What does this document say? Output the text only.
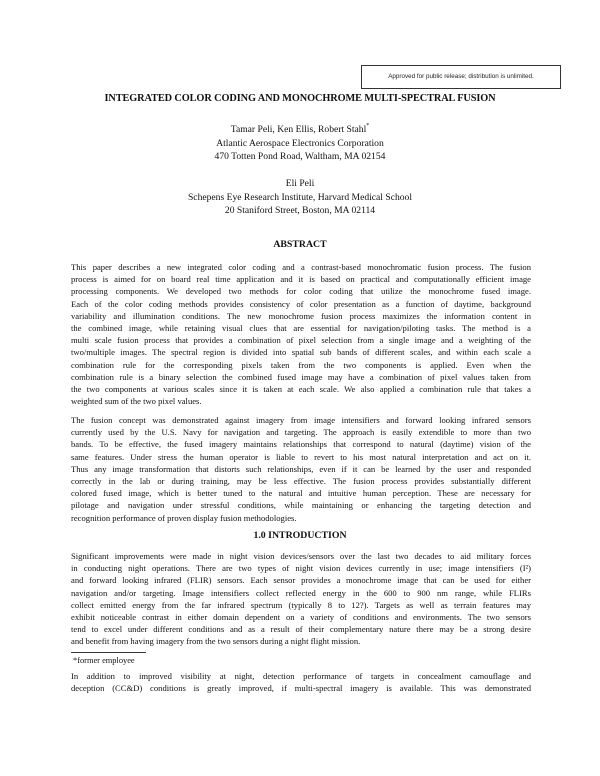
Approved for public release; distribution is unlimited.
INTEGRATED COLOR CODING AND MONOCHROME MULTI-SPECTRAL FUSION
Tamar Peli, Ken Ellis, Robert Stahl*
Atlantic Aerospace Electronics Corporation
470 Totten Pond Road, Waltham, MA 02154
Eli Peli
Schepens Eye Research Institute, Harvard Medical School
20 Staniford Street, Boston, MA 02114
ABSTRACT
This paper describes a new integrated color coding and a contrast-based monochromatic fusion process. The fusion
process is aimed for on board real time application and it is based on practical and computationally efficient image
processing components. We developed two methods for color coding that utilize the monochrome fused image.
Each of the color coding methods provides consistency of color presentation as a function of daytime, background
variability and illumination conditions. The new monochrome fusion process maximizes the information content in
the combined image, while retaining visual clues that are essential for navigation/piloting tasks. The method is a
multi scale fusion process that provides a combination of pixel selection from a single image and a weighting of the
two/multiple images. The spectral region is divided into spatial sub bands of different scales, and within each scale a
combination rule for the corresponding pixels taken from the two components is applied. Even when the
combination rule is a binary selection the combined fused image may have a combination of pixel values taken from
the two components at various scales since it is taken at each scale. We also applied a combination rule that takes a
weighted sum of the two pixel values.
The fusion concept was demonstrated against imagery from image intensifiers and forward looking infrared sensors
currently used by the U.S. Navy for navigation and targeting. The approach is easily extendible to more than two
bands. To be effective, the fused imagery maintains relationships that correspond to natural (daytime) vision of the
same features. Under stress the human operator is liable to revert to his most natural interpretation and act on it.
Thus any image transformation that distorts such relationships, even if it can be learned by the user and responded
correctly in the lab or during training, may be less effective. The fusion process provides substantially different
colored fused image, which is better tuned to the natural and intuitive human perception. These are necessary for
pilotage and navigation under stressful conditions, while maintaining or enhancing the targeting detection and
recognition performance of proven display fusion methodologies.
1.0 INTRODUCTION
Significant improvements were made in night vision devices/sensors over the last two decades to aid military forces
in conducting night operations. There are two types of night vision devices currently in use; image intensifiers (I²)
and forward looking infrared (FLIR) sensors. Each sensor provides a monochrome image that can be used for either
navigation and/or targeting. Image intensifiers collect reflected energy in the 600 to 900 nm range, while FLIRs
collect emitted energy from the far infrared spectrum (typically 8 to 12?). Targets as well as terrain features may
exhibit noticeable contrast in either domain dependent on a variety of conditions and environments. The two sensors
tend to excel under different conditions and as a result of their complementary nature there may be a strong desire
and benefit from having imagery from the two sensors during a night flight mission.
*former employee
In addition to improved visibility at night, detection performance of targets in concealment camouflage and
deception (CC&D) conditions is greatly improved, if multi-spectral imagery is available. This was demonstrated
